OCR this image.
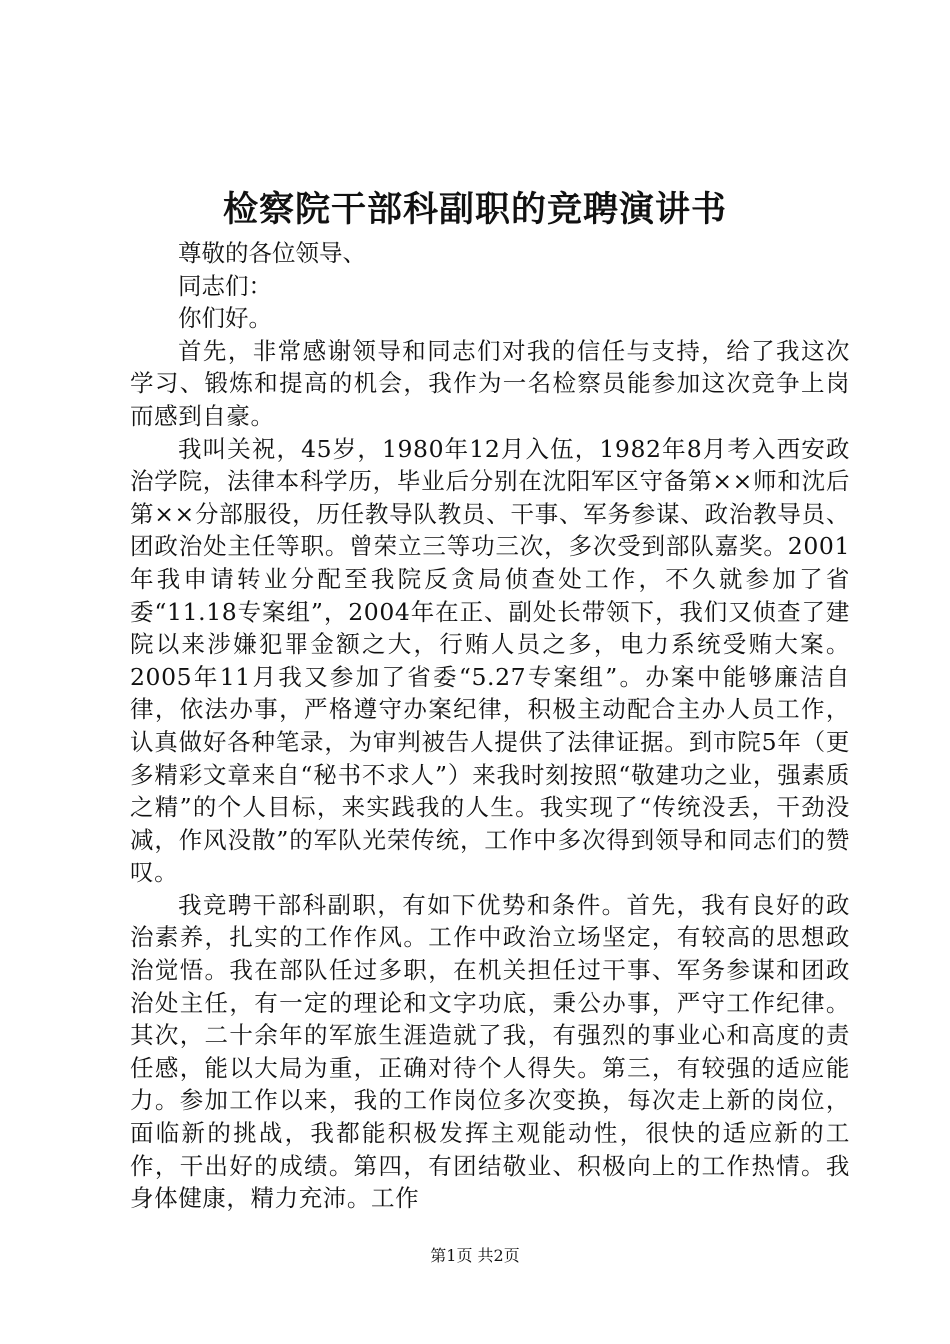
检察院干部科副职的竞聘演讲书

尊敬的各位领导、

同志们：

你们好。

首先，非常感谢领导和同志们对我的信任与支持，给了我这次学习、锻炼和提高的机会，我作为一名检察员能参加这次竞争上岗而感到自豪。

我叫关祝，45岁，1980年12月入伍，1982年8月考入西安政治学院，法律本科学历，毕业后分别在沈阳军区守备第××师和沈后第××分部服役，历任教导队教员、干事、军务参谋、政治教导员、团政治处主任等职。曾荣立三等功三次，多次受到部队嘉奖。2001年我申请转业分配至我院反贪局侦查处工作，不久就参加了省委“11.18专案组”，2004年在正、副处长带领下，我们又侦查了建院以来涉嫌犯罪金额之大，行贿人员之多，电力系统受贿大案。2005年11月我又参加了省委“5.27专案组”。办案中能够廉洁自律，依法办事，严格遵守办案纪律，积极主动配合主办人员工作，认真做好各种笔录，为审判被告人提供了法律证据。到市院5年（更多精彩文章来自“秘书不求人”）来我时刻按照“敬建功之业，强素质之精”的个人目标，来实践我的人生。我实现了“传统没丢，干劲没减，作风没散”的军队光荣传统，工作中多次得到领导和同志们的赞叹。

我竞聘干部科副职，有如下优势和条件。首先，我有良好的政治素养，扎实的工作作风。工作中政治立场坚定，有较高的思想政治觉悟。我在部队任过多职，在机关担任过干事、军务参谋和团政治处主任，有一定的理论和文字功底，秉公办事，严守工作纪律。其次，二十余年的军旅生涯造就了我，有强烈的事业心和高度的责任感，能以大局为重，正确对待个人得失。第三，有较强的适应能力。参加工作以来，我的工作岗位多次变换，每次走上新的岗位，面临新的挑战，我都能积极发挥主观能动性，很快的适应新的工作，干出好的成绩。第四，有团结敬业、积极向上的工作热情。我身体健康，精力充沛。工作

第1页 共2页
